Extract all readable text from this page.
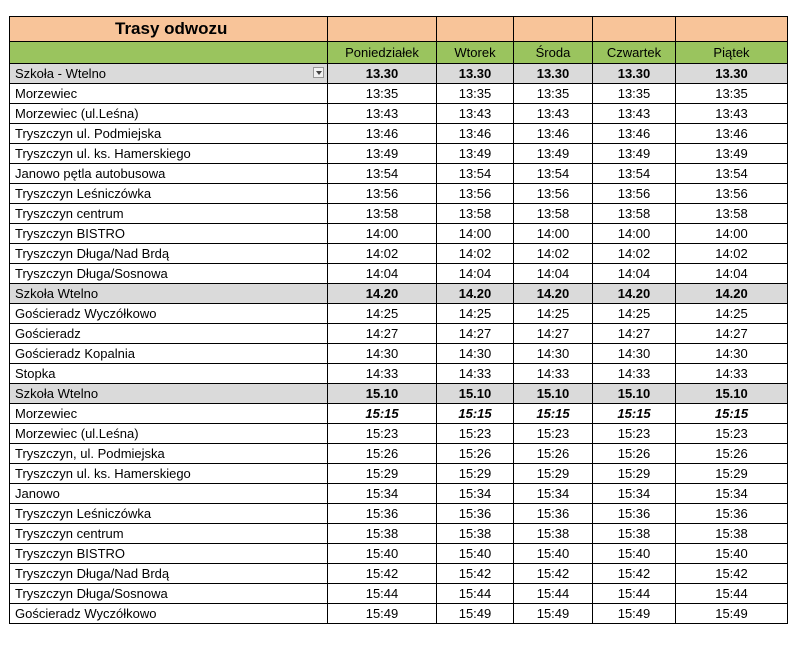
Trasy odwozu					
	Poniedziałek	Wtorek	Środa	Czwartek	Piątek
Szkoła - Wtelno	13.30	13.30	13.30	13.30	13.30
Morzewiec	13:35	13:35	13:35	13:35	13:35
Morzewiec (ul.Leśna)	13:43	13:43	13:43	13:43	13:43
Tryszczyn ul. Podmiejska	13:46	13:46	13:46	13:46	13:46
Tryszczyn ul. ks. Hamerskiego	13:49	13:49	13:49	13:49	13:49
Janowo pętla autobusowa	13:54	13:54	13:54	13:54	13:54
Tryszczyn Leśniczówka	13:56	13:56	13:56	13:56	13:56
Tryszczyn centrum	13:58	13:58	13:58	13:58	13:58
Tryszczyn BISTRO	14:00	14:00	14:00	14:00	14:00
Tryszczyn Długa/Nad Brdą	14:02	14:02	14:02	14:02	14:02
Tryszczyn Długa/Sosnowa	14:04	14:04	14:04	14:04	14:04
Szkoła Wtelno	14.20	14.20	14.20	14.20	14.20
Gościeradz Wyczółkowo	14:25	14:25	14:25	14:25	14:25
Gościeradz	14:27	14:27	14:27	14:27	14:27
Gościeradz Kopalnia	14:30	14:30	14:30	14:30	14:30
Stopka	14:33	14:33	14:33	14:33	14:33
Szkoła Wtelno	15.10	15.10	15.10	15.10	15.10
Morzewiec	15:15	15:15	15:15	15:15	15:15
Morzewiec (ul.Leśna)	15:23	15:23	15:23	15:23	15:23
Tryszczyn, ul. Podmiejska	15:26	15:26	15:26	15:26	15:26
Tryszczyn ul. ks. Hamerskiego	15:29	15:29	15:29	15:29	15:29
Janowo	15:34	15:34	15:34	15:34	15:34
Tryszczyn Leśniczówka	15:36	15:36	15:36	15:36	15:36
Tryszczyn centrum	15:38	15:38	15:38	15:38	15:38
Tryszczyn BISTRO	15:40	15:40	15:40	15:40	15:40
Tryszczyn Długa/Nad Brdą	15:42	15:42	15:42	15:42	15:42
Tryszczyn Długa/Sosnowa	15:44	15:44	15:44	15:44	15:44
Gościeradz Wyczółkowo	15:49	15:49	15:49	15:49	15:49
